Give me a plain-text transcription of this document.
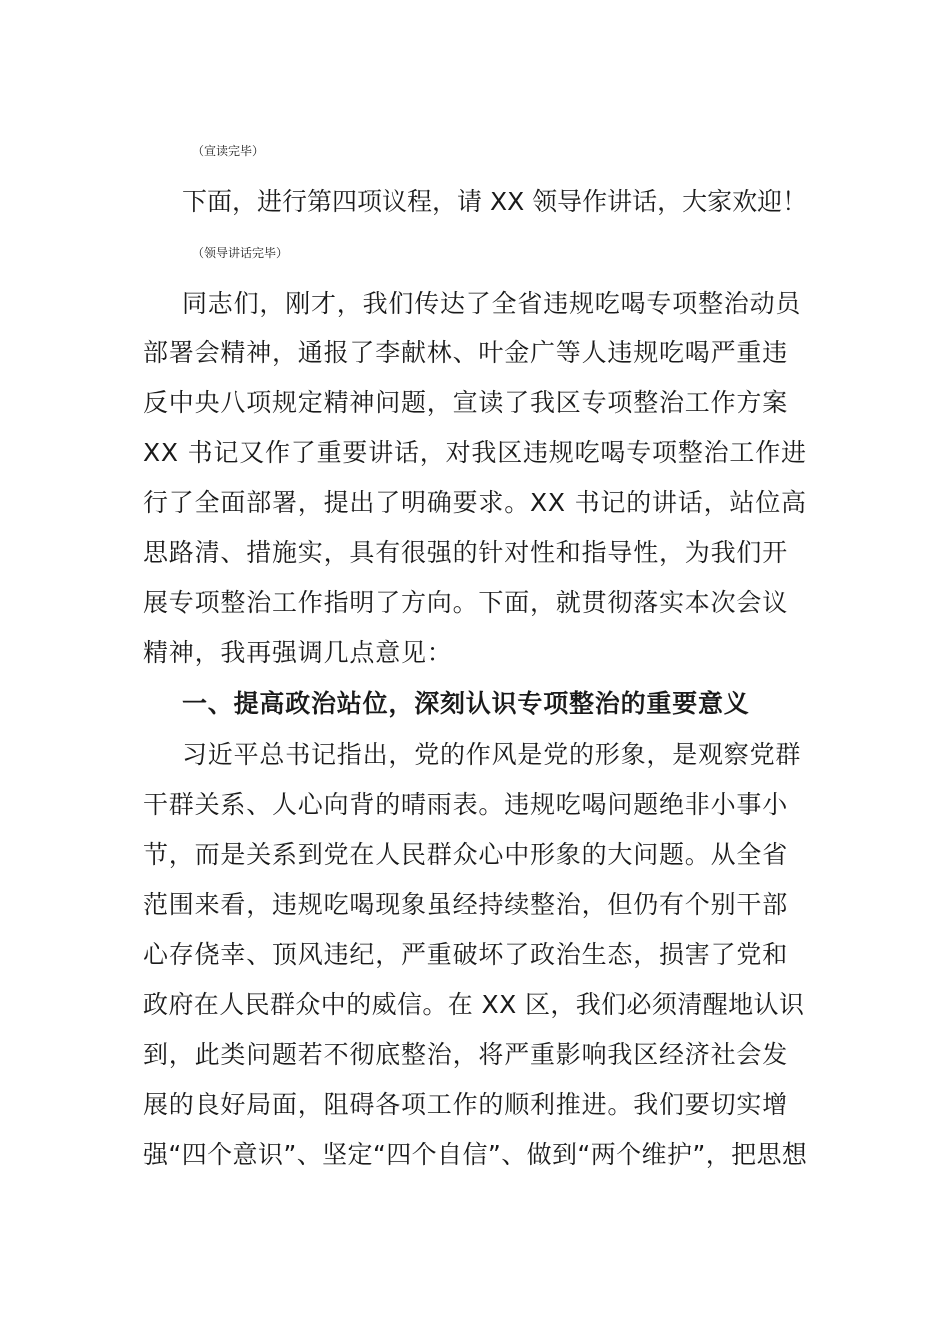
（宣读完毕）
下面，进行第四项议程，请 XX 领导作讲话，大家欢迎！
（领导讲话完毕）
同志们，刚才，我们传达了全省违规吃喝专项整治动员
部署会精神，通报了李献林、叶金广等人违规吃喝严重违
反中央八项规定精神问题，宣读了我区专项整治工作方案
XX 书记又作了重要讲话，对我区违规吃喝专项整治工作进
行了全面部署，提出了明确要求。XX 书记的讲话，站位高
思路清、措施实，具有很强的针对性和指导性，为我们开
展专项整治工作指明了方向。下面，就贯彻落实本次会议
精神，我再强调几点意见：
一、提高政治站位，深刻认识专项整治的重要意义
习近平总书记指出，党的作风是党的形象，是观察党群
干群关系、人心向背的晴雨表。违规吃喝问题绝非小事小
节，而是关系到党在人民群众心中形象的大问题。从全省
范围来看，违规吃喝现象虽经持续整治，但仍有个别干部
心存侥幸、顶风违纪，严重破坏了政治生态，损害了党和
政府在人民群众中的威信。在 XX 区，我们必须清醒地认识
到，此类问题若不彻底整治，将严重影响我区经济社会发
展的良好局面，阻碍各项工作的顺利推进。我们要切实增
强“四个意识”、坚定“四个自信”、做到“两个维护”，把思想
